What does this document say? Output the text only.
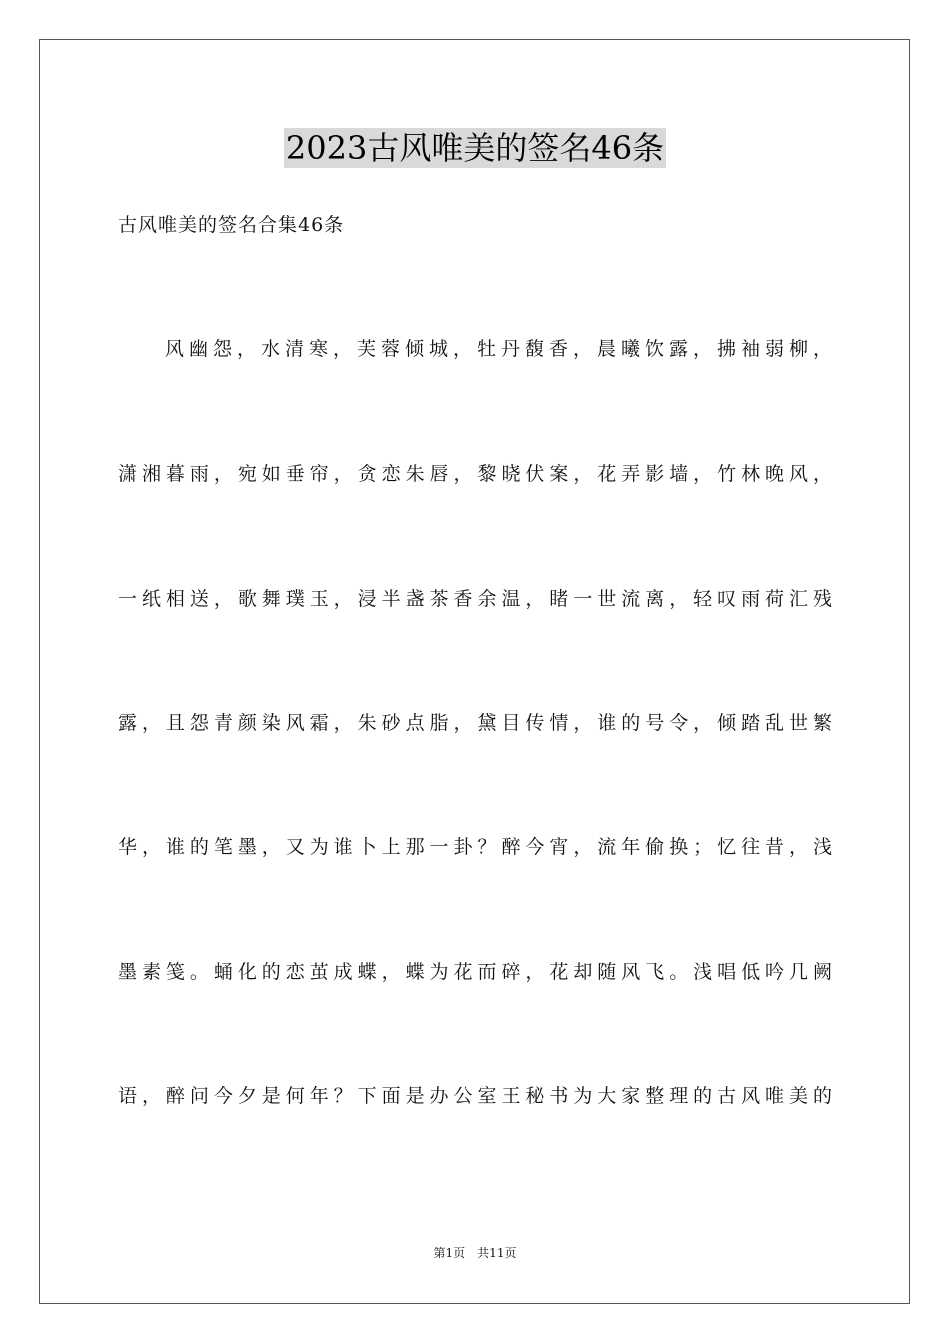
2023古风唯美的签名46条

古风唯美的签名合集46条

风幽怨，水清寒，芙蓉倾城，牡丹馥香，晨曦饮露，拂袖弱柳，

潇湘暮雨，宛如垂帘，贪恋朱唇，黎晓伏案，花弄影墙，竹林晚风，

一纸相送，歌舞璞玉，浸半盏茶香余温，睹一世流离，轻叹雨荷汇残

露，且怨青颜染风霜，朱砂点脂，黛目传情，谁的号令，倾踏乱世繁

华，谁的笔墨，又为谁卜上那一卦？醉今宵，流年偷换；忆往昔，浅

墨素笺。蛹化的恋茧成蝶，蝶为花而碎，花却随风飞。浅唱低吟几阙

语，醉问今夕是何年？下面是办公室王秘书为大家整理的古风唯美的

第1页　共11页
